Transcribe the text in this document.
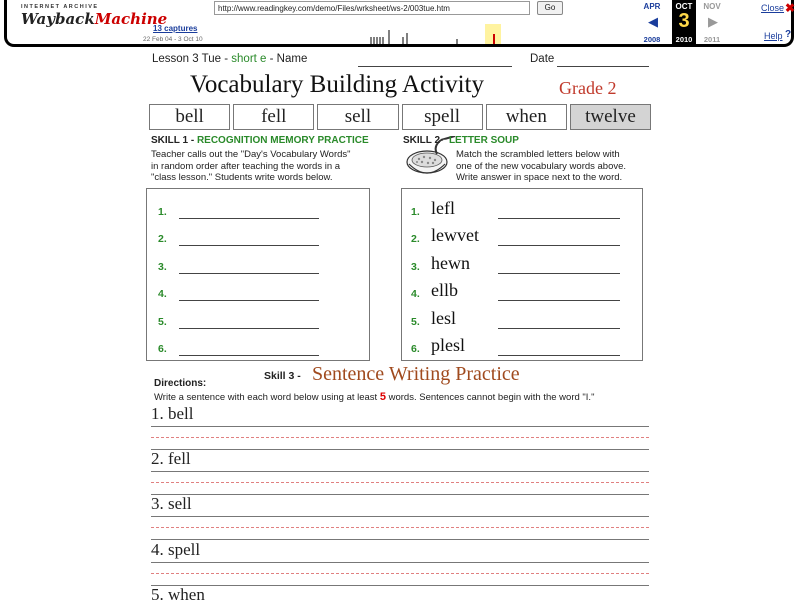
INTERNET ARCHIVE
WaybackMachine
http://www.readingkey.com/demo/Files/wrksheet/ws-2/003tue.htm	Go
13 captures
22 Feb 04 - 3 Oct 10
APR
◀
2008
OCT
3
2010
NOV
▶
2011
Close ✖
Help ?
Lesson 3 Tue - short e - Name	Date
Vocabulary Building Activity	Grade 2
bell	fell	sell	spell	when	twelve
SKILL 1 - RECOGNITION MEMORY PRACTICE
Teacher calls out the "Day's Vocabulary Words"
in random order after teaching the words in a
"class lesson." Students write words below.
1.
2.
3.
4.
5.
6.
SKILL 2 - LETTER SOUP
Match the scrambled letters below with
one of the new vocabulary words above.
Write answer in space next to the word.
1. lefl
2. lewvet
3. hewn
4. ellb
5. lesl
6. plesl
Skill 3 - Sentence Writing Practice
Directions:
Write a sentence with each word below using at least 5 words. Sentences cannot begin with the word "I."
1. bell
2. fell
3. sell
4. spell
5. when
